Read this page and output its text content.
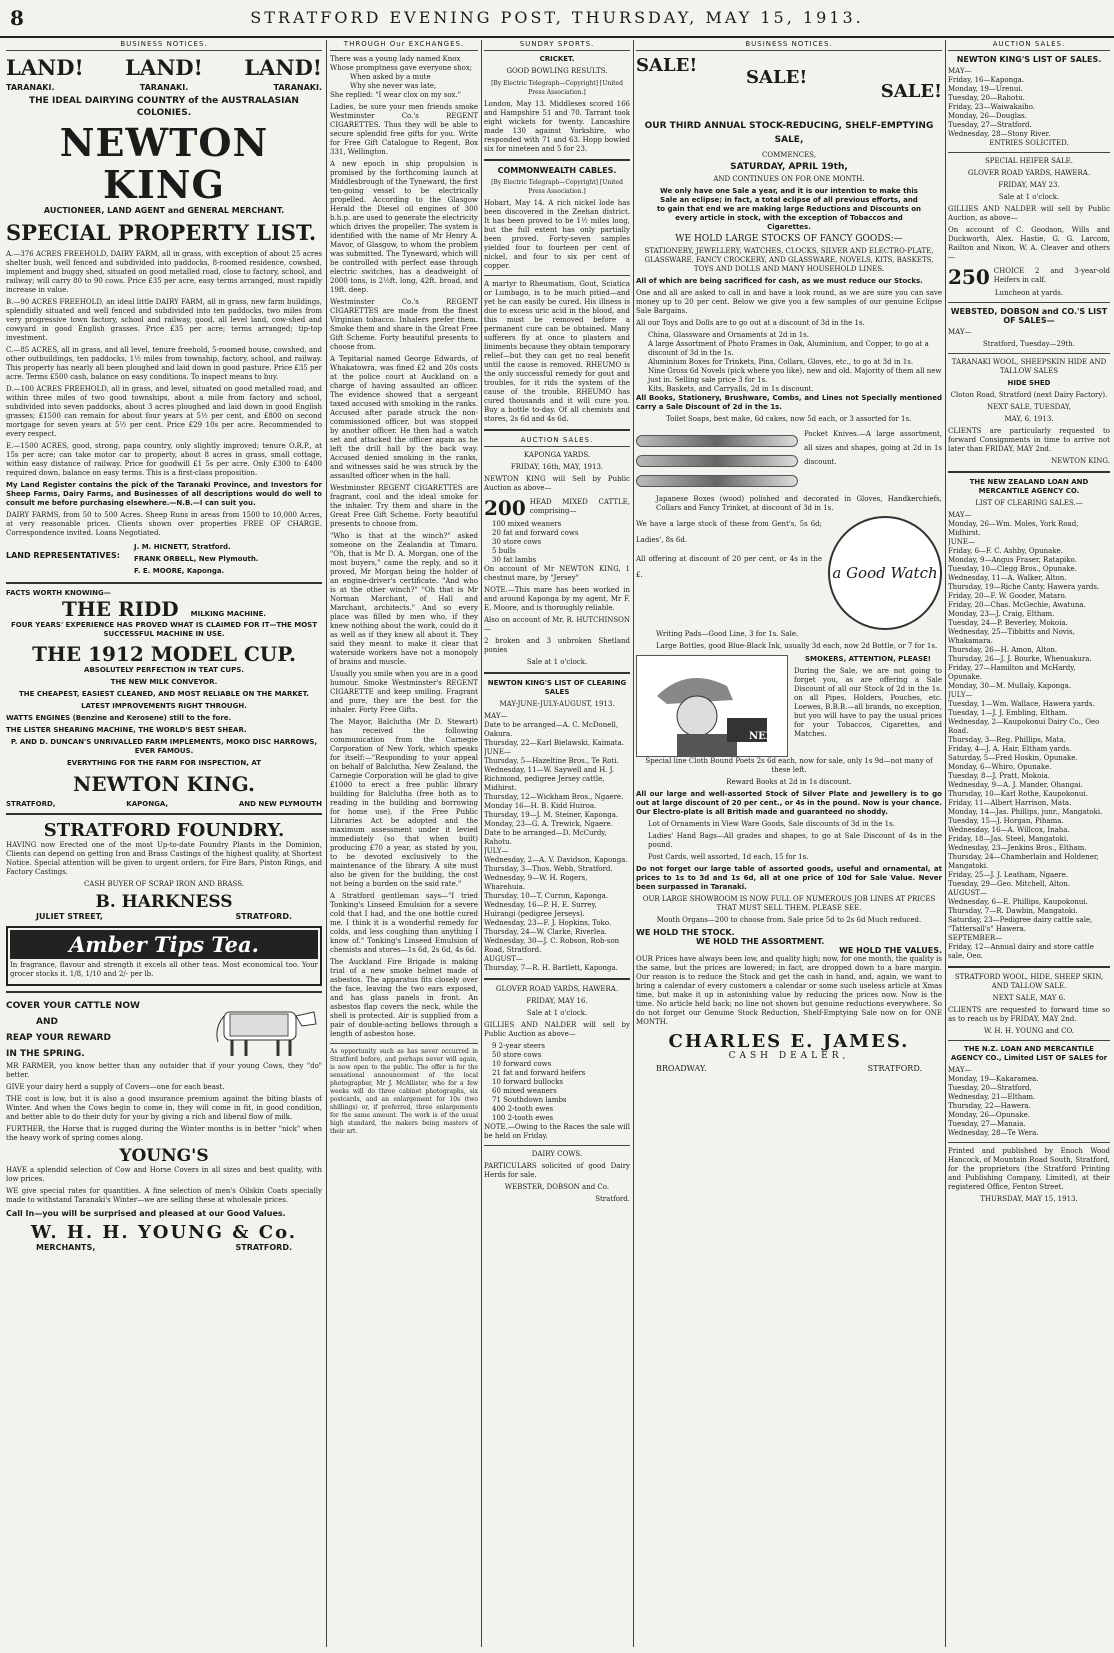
8	STRATFORD EVENING POST, THURSDAY, MAY 15, 1913.
BUSINESS NOTICES.
LAND! LAND! LAND!
TARANAKI.	TARANAKI.	TARANAKI.
THE IDEAL DAIRYING COUNTRY of the AUSTRALASIAN COLONIES.
NEWTON KING
AUCTIONEER, LAND AGENT and GENERAL MERCHANT.
SPECIAL PROPERTY LIST.

A.—376 ACRES FREEHOLD, DAIRY FARM, all in grass, with exception of about 25 acres shelter bush, well fenced and subdivided into paddocks, 8-roomed residence, cowshed, implement and buggy shed, situated on good metalled road, close to factory, school, and railway; will carry 80 to 90 cows. Price £35 per acre, easy terms arranged, must rapidly increase in value.

B.—90 ACRES FREEHOLD, an ideal little DAIRY FARM, all in grass, new farm buildings, splendidly situated and well fenced and subdivided into ten paddocks, two miles from very progressive town factory, school and railway, good, all level land, cow-shed and cowyard in good English grasses. Price £35 per acre; terms arranged; tip-top investment.

C.—85 ACRES, all in grass, and all level, tenure freehold, 5-roomed house, cowshed, and other outbuildings, ten paddocks, 1½ miles from township, factory, school, and railway. This property has nearly all been ploughed and laid down in good pasture. Price £35 per acre. Terms £500 cash, balance on easy conditions. To inspect means to buy.

D.—100 ACRES FREEHOLD, all in grass, and level, situated on good metalled road, and within three miles of two good townships, about a mile from factory and school, subdivided into seven paddocks, about 3 acres ploughed and laid down in good English grasses; £1500 can remain for about four years at 5½ per cent, and £800 on second mortgage for seven years at 5½ per cent. Price £29 10s per acre. Recommended to every respect.

E.—1500 ACRES, good, strong, papa country, only slightly improved; tenure O.R.P., at 15s per acre; can take motor car to property, about 8 acres in grass, small cottage, within easy distance of railway. Price for goodwill £1 5s per acre. Only £300 to £400 required down, balance on easy terms. This is a first-class proposition.

My Land Register contains the pick of the Taranaki Province, and Investors for Sheep Farms, Dairy Farms, and Businesses of all descriptions would do well to consult me before purchasing elsewhere.—N.B.—I can suit you.

DAIRY FARMS, from 50 to 500 Acres. Sheep Runs in areas from 1500 to 10,000 Acres, at very reasonable prices. Clients shown over properties FREE OF CHARGE. Correspondence invited. Loans Negotiated.

LAND REPRESENTATIVES:
J. M. HICNETT, Stratford.
FRANK ORBELL, New Plymouth.
F. E. MOORE, Kaponga.
FACTS WORTH KNOWING—
THE RIDD MILKING MACHINE.
FOUR YEARS' EXPERIENCE HAS PROVED WHAT IS CLAIMED FOR IT—THE MOST SUCCESSFUL MACHINE IN USE.
THE 1912 MODEL CUP.
ABSOLUTELY PERFECTION IN TEAT CUPS.
THE NEW MILK CONVEYOR.
THE CHEAPEST, EASIEST CLEANED, AND MOST RELIABLE ON THE MARKET.
LATEST IMPROVEMENTS RIGHT THROUGH.
WATTS ENGINES (Benzine and Kerosene) still to the fore.
THE LISTER SHEARING MACHINE, THE WORLD'S BEST SHEAR.
P. AND D. DUNCAN'S UNRIVALLED FARM IMPLEMENTS, MOKO DISC HARROWS, EVER FAMOUS.
EVERYTHING FOR THE FARM FOR INSPECTION, AT
NEWTON KING.
STRATFORD,	KAPONGA,	AND NEW PLYMOUTH
STRATFORD FOUNDRY.

HAVING now Erected one of the most Up-to-date Foundry Plants in the Dominion, Clients can depend on getting Iron and Brass Castings of the highest quality, at Shortest Notice. Special attention will be given to urgent orders, for Fire Bars, Piston Rings, and Factory Castings.

CASH BUYER OF SCRAP IRON AND BRASS.
B. HARKNESS
JULIET STREET,	STRATFORD.
Amber Tips Tea.
In fragrance, flavour and strength it excels all other teas. Most economical too. Your grocer stocks it. 1/8, 1/10 and 2/- per lb.
COVER YOUR CATTLE NOW
AND
REAP YOUR REWARD
IN THE SPRING.

MR FARMER, you know better than any outsider that if your young Cows, they "do" better.

GIVE your dairy herd a supply of Covers—one for each beast.

THE cost is low, but it is also a good insurance premium against the biting blasts of Winter. And when the Cows begin to come in, they will come in fit, in good condition, and better able to do their duty for your by giving a rich and liberal flow of milk.

FURTHER, the Horse that is rugged during the Winter months is in better "nick" when the heavy work of spring comes along.

YOUNG'S

HAVE a splendid selection of Cow and Horse Covers in all sizes and best quality, with low prices.

WE give special rates for quantities. A fine selection of men's Oilskin Coats specially made to withstand Taranaki's Winter—we are selling these at wholesale prices.

Call In—you will be surprised and pleased at our Good Values.
W. H. H. YOUNG & Co.
MERCHANTS,	STRATFORD.
THROUGH Our EXCHANGES.
There was a young lady named Knox
Whose promptness gave everyone shox;
When asked by a mute
Why she never was late,
She replied: "I wear clox on my sox."

Ladies, be sure your men friends smoke Westminster Co.'s REGENT CIGARETTES. Thus they will be able to secure splendid free gifts for you. Write for Free Gift Catalogue to Regent, Box 331, Wellington.

A new epoch in ship propulsion is promised by the forthcoming launch at Middlesbrough of the Tyneward, the first ten-going vessel to be electrically propelled. According to the Glasgow Herald the Diesel oil engines of 300 b.h.p. are used to generate the electricity which drives the propeller. The system is identified with the name of Mr Henry A. Mavor, of Glasgow, to whom the problem was submitted. The Tyneward, which will be controlled with perfect ease through electric switches, has a deadweight of 2000 tons, is 2½ft. long, 42ft. broad, and 19ft. deep.

Westminster Co.'s REGENT CIGARETTES are made from the finest Virginian tobacco. Inhalers prefer them. Smoke them and share in the Great Free Gift Scheme. Forty beautiful presents to choose from.

A Tepitarial named George Edwards, of Whakatowra, was fined £2 and 20s costs at the police court at Auckland on a charge of having assaulted an officer. The evidence showed that a sergeant taxed accused with smoking in the ranks. Accused after parade struck the non-commissioned officer, but was stopped by another officer. He then had a watch set and attacked the officer again as he left the drill hall by the back way. Accused denied smoking in the ranks, and witnesses said he was struck by the assaulted officer when in the hall.

Westminster REGENT CIGARETTES are fragrant, cool and the ideal smoke for the inhaler. Try them and share in the Great Free Gift Scheme. Forty beautiful presents to choose from.

"Who is that at the winch?" asked someone on the Zealandia at Timaru. "Oh, that is Mr D. A. Morgan, one of the most buyers," came the reply, and so it proved, Mr Morgan being the holder of an engine-driver's certificate. "And who is at the other winch?" "Oh that is Mr Norman Marchant, of Hall and Marchant, architects." And so every place was filled by men who, if they knew nothing about the work, could do it as well as if they knew all about it. They said they meant to make it clear that waterside workers have not a monopoly of brains and muscle.

Usually you smile when you are in a good humour. Smoke Westminster's REGENT CIGARETTE and keep smiling. Fragrant and pure, they are the best for the inhaler. Forty Free Gifts.

The Mayor, Balclutha (Mr D. Stewart) has received the following communication from the Carnegie Corporation of New York, which speaks for itself:—"Responding to your appeal on behalf of Balclutha, New Zealand, the Carnegie Corporation will be glad to give £1000 to erect a free public library building for Balclutha (free both as to reading in the building and borrowing for home use), if the Free Public Libraries Act be adopted and the maximum assessment under it levied immediately (so that when built) producing £70 a year, as stated by you, to be devoted exclusively to the maintenance of the library. A site must also be given for the building, the cost not being a burden on the said rate."

A Stratford gentleman says—"I tried Tonking's Linseed Emulsion for a severe cold that I had, and the one bottle cured me. I think it is a wonderful remedy for colds, and less coughing than anything I know of." Tonking's Linseed Emulsion of chemists and stores—1s 6d, 2s 6d, 4s 6d.

The Auckland Fire Brigade is making trial of a new smoke helmet made of asbestos. The apparatus fits closely over the face, leaving the two ears exposed, and has glass panels in front. An asbestos flap covers the neck, while the shell is protected. Air is supplied from a pair of double-acting bellows through a length of asbestos hose.

As opportunity such as has never occurred in Stratford before, and perhaps never will again, is now open to the public. The offer is for the sensational announcement of the local photographer, Mr J. McAllister, who for a few weeks will do three cabinet photographs, six postcards, and an enlargement for 10s (two shillings) or, if preferred, three enlargements for the same amount. The work is of the usual high standard, the makers being masters of their art.

SUNDRY SPORTS.
CRICKET.
GOOD BOWLING RESULTS.
[By Electric Telegraph—Copyright] [United Press Association.]

London, May 13. Middlesex scored 166 and Hampshire 51 and 70. Tarrant took eight wickets for twenty. Lancashire made 130 against Yorkshire, who responded with 71 and 63. Hopp bowled six for nineteen and 5 for 23.

COMMONWEALTH CABLES.
[By Electric Telegraph—Copyright] [United Press Association.]

Hobart, May 14. A rich nickel lode has been discovered in the Zeehan district. It has been proved to be 1½ miles long, but the full extent has only partially been proved. Forty-seven samples yielded four to fourteen per cent of nickel, and four to six per cent of copper.

A martyr to Rheumatism, Gout, Sciatica or Lumbago, is to be much pitied—and yet he can easily be cured. His illness is due to excess uric acid in the blood, and this must be removed before a permanent cure can be obtained. Many sufferers fly at once to plasters and liniments because they obtain temporary relief—but they can get no real benefit until the cause is removed. RHEUMO is the only successful remedy for gout and troubles, for it rids the system of the cause of the trouble. RHEUMO has cured thousands and it will cure you. Buy a bottle to-day. Of all chemists and stores, 2s 6d and 4s 6d.

AUCTION SALES.
KAPONGA YARDS.
FRIDAY, 16th, MAY, 1913.

NEWTON KING will Sell by Public Auction as above—

200 HEAD MIXED CATTLE, comprising—
100 mixed weaners
20 fat and forward cows
30 store cows
5 bulls
30 fat lambs

On account of Mr NEWTON KING, 1 chestnut mare, by "Jersey"

NOTE.—This mare has been worked in and around Kaponga by my agent, Mr F. E. Moore, and is thoroughly reliable.

Also on account of Mr. R. HUTCHINSON—

2 broken and 3 unbroken Shetland ponies

Sale at 1 o'clock.
NEWTON KING'S LIST OF CLEARING SALES
MAY-JUNE-JULY-AUGUST, 1913.
MAY—
Date to be arranged—A. C. McDonell, Oakura.
Thursday, 22—Karl Bielawski, Kaimata.
JUNE—
Thursday, 5—Hazeltine Bros., Te Roti.
Wednesday, 11—W. Saywell and H. J. Richmond, pedigree Jersey cattle, Midhirst.
Thursday, 12—Wickham Bros., Ngaere.
Monday 16—H. B. Kidd Huiroa.
Thursday, 19—J. M. Steiner, Kaponga.
Monday, 23—G. A. Trewick, Ngaere.
Date to be arranged—D. McCurdy, Rahotu.
JULY—
Wednesday, 2—A. V. Davidson, Kaponga.
Thursday, 3—Thos. Webb, Stratford.
Wednesday, 9—W. H. Rogers, Wharehuia.
Thursday, 10—T. Curron, Kaponga.
Wednesday, 16—P. H. E. Surrey, Huirangi (pedigree Jerseys).
Wednesday, 23—F. J. Hopkins, Toko.
Thursday, 24—W. Clarke, Riverlea.
Wednesday, 30—J. C. Robson, Rob-son Road, Stratford.
AUGUST—
Thursday, 7—R. H. Bartlett, Kaponga.
GLOVER ROAD YARDS, HAWERA.
FRIDAY, MAY 16.
Sale at 1 o'clock.

GILLIES AND NALDER will sell by Public Auction as above—

9 2-year steers
50 store cows
10 forward cows
21 fat and forward heifers
10 forward bullocks
60 mixed weaners
71 Southdown lambs
400 2-tooth ewes
100 2-tooth ewes

NOTE.—Owing to the Races the sale will be held on Friday.

DAIRY COWS.

PARTICULARS solicited of good Dairy Herds for sale.

WEBSTER, DOBSON and Co.
Stratford.
BUSINESS NOTICES.
SALE!
SALE!
SALE!
OUR THIRD ANNUAL STOCK-REDUCING, SHELF-EMPTYING SALE,
COMMENCES,
SATURDAY, APRIL 19th,
AND CONTINUES ON FOR ONE MONTH.

We only have one Sale a year, and it is our intention to make this Sale an eclipse; in fact, a total eclipse of all previous efforts, and to gain that end we are making large Reductions and Discounts on every article in stock, with the exception of Tobaccos and Cigarettes.

WE HOLD LARGE STOCKS OF FANCY GOODS:—

STATIONERY, JEWELLERY, WATCHES, CLOCKS, SILVER AND ELECTRO-PLATE, GLASSWARE, FANCY CROCKERY, AND GLASSWARE, NOVELS, KITS, BASKETS, TOYS AND DOLLS AND MANY HOUSEHOLD LINES.

All of which are being sacrificed for cash, as we must reduce our Stocks.

One and all are asked to call in and have a look round, as we are sure you can save money up to 20 per cent. Below we give you a few samples of our genuine Eclipse Sale Bargains.

All our Toys and Dolls are to go out at a discount of 3d in the 1s.

China, Glassware and Ornaments at 2d in 1s.
A large Assortment of Photo Frames in Oak, Aluminium, and Copper, to go at a discount of 3d in the 1s.
Aluminium Boxes for Trinkets, Pins, Collars, Gloves, etc., to go at 3d in 1s.
Nine Gross 6d Novels (pick where you like), new and old. Majority of them all new just in. Selling sale price 3 for 1s.
Kits, Baskets, and Carryalls, 2d in 1s discount.

All Books, Stationery, Brushware, Combs, and Lines not Specially mentioned carry a Sale Discount of 2d in the 1s.

Toilet Soaps, best make, 6d cakes, now 5d each, or 3 assorted for 1s.

Pocket Knives.—A large assortment, all sizes and shapes, going at 2d in 1s discount.

Japanese Boxes (wood) polished and decorated in Gloves, Handkerchiefs, Collars and Fancy Trinket, at discount of 3d in 1s.

We have a large stock of these from Gent's, 5s 6d; Ladies', 8s 6d.

All offering at discount of 20 per cent, or 4s in the £.	a Good Watch

Writing Pads—Good Line, 3 for 1s. Sale.

Large Bottles, good Blue-Black Ink, usually 3d each, now 2d Bottle, or 7 for 1s.

NEXT
SMOKERS, ATTENTION, PLEASE!

During the Sale, we are not going to forget you, as are offering a Sale Discount of all our Stock of 2d in the 1s. on all Pipes, Holders, Pouches, etc. Loewes, B.B.B.—all brands, no exception, but you will have to pay the usual prices for your Tobaccos, Cigarettes, and Matches.

Special line Cloth Bound Poets 2s 6d each, now for sale, only 1s 9d—not many of these left.

Reward Books at 2d in 1s discount.

All our large and well-assorted Stock of Silver Plate and Jewellery is to go out at large discount of 20 per cent., or 4s in the pound. Now is your chance. Our Electro-plate is all British made and guaranteed no shoddy.

Lot of Ornaments in View Ware Goods, Sale discounts of 3d in the 1s.

Ladies' Hand Bags—All grades and shapes, to go at Sale Discount of 4s in the pound.

Post Cards, well assorted, 1d each, 15 for 1s.

Do not forget our large table of assorted goods, useful and ornamental, at prices to 1s to 3d and 1s 6d, all at one price of 10d for Sale Value. Never been surpassed in Taranaki.

OUR LARGE SHOWROOM IS NOW FULL OF NUMEROUS JOB LINES AT PRICES THAT MUST SELL THEM. PLEASE SEE.

Mouth Organs—200 to choose from. Sale price 5d to 2s 6d Much reduced.

WE HOLD THE STOCK.
WE HOLD THE ASSORTMENT.
WE HOLD THE VALUES.

OUR Prices have always been low, and quality high; now, for one month, the quality is the same, but the prices are lowered; in fact, are dropped down to a bare margin. Our reason is to reduce the Stock and get the cash in hand, and, again, we want to bring a calendar of every customers a calendar or some such useless article at Xmas time, but make it up in astonishing value by reducing the prices now. Now is the time. No article held back; no line not shown but genuine reductions everywhere. So do not forget our Genuine Stock Reduction, Shelf-Emptying Sale now on for ONE MONTH.

CHARLES E. JAMES.
CASH DEALER,
BROADWAY.	STRATFORD.
AUCTION SALES.
NEWTON KING'S LIST OF SALES.
MAY—
Friday, 16—Kaponga.
Monday, 19—Urenui.
Tuesday, 20—Rahotu.
Friday, 23—Waiwakaiho.
Monday, 26—Douglas.
Tuesday, 27—Stratford.
Wednesday, 28—Stony River.
ENTRIES SOLICITED.
SPECIAL HEIFER SALE.
GLOVER ROAD YARDS, HAWERA.
FRIDAY, MAY 23.
Sale at 1 o'clock.

GILLIES AND NALDER will sell by Public Auction, as above—

On account of C. Goodson, Wills and Duckworth, Alex. Hastie, G. G. Larcom, Railton and Nixon, W. A. Cleaver and others—

250 CHOICE 2 and 3-year-old Heifers in calf.
Luncheon at yards.
WEBSTED, DOBSON and CO.'S LIST OF SALES—
MAY—
Stratford, Tuesday—29th.
TARANAKI WOOL, SHEEPSKIN HIDE AND TALLOW SALES
HIDE SHED
Cloton Road, Stratford (next Dairy Factory).
NEXT SALE, TUESDAY,
MAY, 6, 1913.

CLIENTS are particularly requested to forward Consignments in time to arrive not later than FRIDAY, MAY 2nd.

NEWTON KING.
THE NEW ZEALAND LOAN AND MERCANTILE AGENCY CO.
LIST OF CLEARING SALES.—
MAY—
Monday, 26—Wm. Moles, York Road, Midhirst.
JUNE—
Friday, 6—F. C. Ashby, Opunake.
Monday, 9—Angus Fraser, Ratapiko.
Tuesday, 10—Clegg Bros., Opunake.
Wednesday, 11—A. Walker, Alton.
Thursday, 19—Riche Canty, Hawera yards.
Friday, 20—F. W. Gooder, Mataro.
Friday, 20—Chas. McGechie, Awatuna.
Monday, 23—J. Craig, Eltham.
Tuesday, 24—P. Beverley, Mokoia.
Wednesday, 25—Tibbitts and Novis, Whakamara.
Thursday, 26—H. Amon, Alton.
Thursday, 26—J. J. Bourke, Whenuakura.
Friday, 27—Hamilton and McHardy, Opunake.
Monday, 30—M. Mullaly, Kaponga.
JULY—
Tuesday, 1—Wm. Wallace, Hawera yards.
Tuesday, 1—J. J. Embling, Eltham.
Wednesday, 2—Kaupokonui Dairy Co., Oeo Road.
Thursday, 3—Reg. Phillips, Mata.
Friday, 4—J. A. Hair, Eltham yards.
Saturday, 5—Fred Hoskin, Opunake.
Monday, 6—Whiro, Opunake.
Tuesday, 8—J. Pratt, Mokoia.
Wednesday, 9—A. J. Mander, Ohangai.
Thursday, 10—Karl Rothe, Kaupokonui.
Friday, 11—Albert Harrison, Mata.
Monday, 14—Jas. Phillips, junr., Mangatoki.
Tuesday, 15—J. Horgan, Pihama.
Wednesday, 16—A. Willcox, Inaha.
Friday, 18—Jas. Steel, Mangatoki.
Wednesday, 23—Jenkins Bros., Eltham.
Thursday, 24—Chamberlain and Holdener, Mangatoki.
Friday, 25—J. J. Leatham, Ngaere.
Tuesday, 29—Geo. Mitchell, Alton.
AUGUST—
Wednesday, 6—E. Phillips, Kaupokonui.
Thursday, 7—R. Dawbin, Mangatoki.
Saturday, 23—Pedigree dairy cattle sale, "Tattersall's" Hawera.
SEPTEMBER—
Friday, 12—Annual dairy and store cattle sale, Oeo.
STRATFORD WOOL, HIDE, SHEEP SKIN, AND TALLOW SALE.
NEXT SALE, MAY 6.

CLIENTS are requested to forward time so as to reach us by FRIDAY, MAY 2nd.

W. H. H. YOUNG and CO.
THE N.Z. LOAN AND MERCANTILE AGENCY CO., Limited LIST OF SALES for
MAY—
Monday, 19—Kakaramea.
Tuesday, 20—Stratford.
Wednesday, 21—Eltham.
Thursday, 22—Hawera.
Monday, 26—Opunake.
Tuesday, 27—Manaia.
Wednesday, 28—Te Wera.

Printed and published by Enoch Wood Hancock, of Mountain Road South, Stratford, for the proprietors (the Stratford Printing and Publishing Company, Limited), at their registered Office, Fenton Street.

THURSDAY, MAY 15, 1913.
